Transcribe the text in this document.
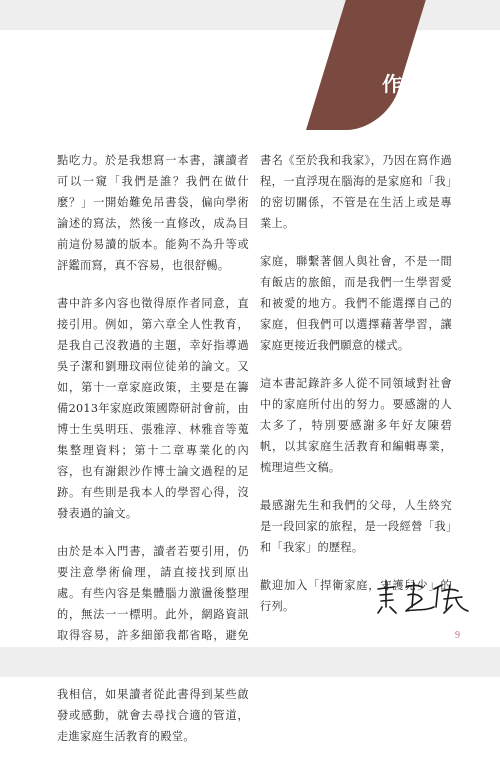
作者序

點吃力。於是我想寫一本書，讓讀者可以一窺「我們是誰？我們在做什麼？」一開始難免吊書袋，偏向學術論述的寫法，然後一直修改，成為目前這份易讀的版本。能夠不為升等或評鑑而寫，真不容易，也很舒暢。

書中許多內容也徵得原作者同意，直接引用。例如，第六章全人性教育，是我自己沒教過的主題，幸好指導過吳子潔和劉珊玟兩位徒弟的論文。又如，第十一章家庭政策，主要是在籌備2013年家庭政策國際研討會前，由博士生吳明珏、張雅淳、林雅音等蒐集整理資料；第十二章專業化的內容，也有謝銀沙作博士論文過程的足跡。有些則是我本人的學習心得，沒發表過的論文。

由於是本入門書，讀者若要引用，仍要注意學術倫理，請直接找到原出處。有些內容是集體腦力激盪後整理的，無法一一標明。此外，網路資訊取得容易，許多細節我都省略，避免

我相信，如果讀者從此書得到某些啟發或感動，就會去尋找合適的管道，走進家庭生活教育的殿堂。

書名《至於我和我家》，乃因在寫作過程，一直浮現在腦海的是家庭和「我」的密切關係，不管是在生活上或是專業上。

家庭，聯繫著個人與社會，不是一間有飯店的旅館，而是我們一生學習愛和被愛的地方。我們不能選擇自己的家庭，但我們可以選擇藉著學習，讓家庭更接近我們願意的樣式。

這本書記錄許多人從不同領域對社會中的家庭所付出的努力。要感謝的人太多了，特別要感謝多年好友陳碧帆，以其家庭生活教育和編輯專業，梳理這些文稿。

最感謝先生和我們的父母，人生終究是一段回家的旅程，是一段經營「我」和「我家」的歷程。

歡迎加入「捍衛家庭，守護兒少」的行列。

9
